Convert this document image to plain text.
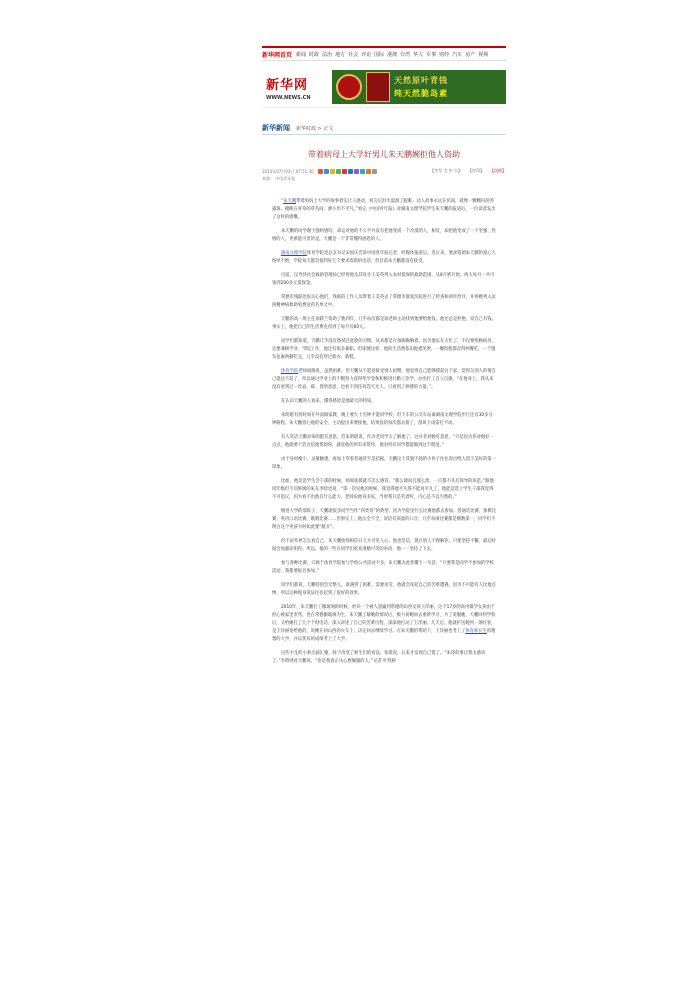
新华网首页 新闻 时政 法治 地方 社会 评论 国际 港澳 台湾 华人 军事 财经 汽车 房产 视频
新华网
WWW.NEWS.CN
天然原叶青钱
纯天然脆岛素
新华新闻 新华时政 > 正文
带着病母上大学好男儿朱天鹏婉拒他人资助
2013年07月03日 07:51:30
来源： 中国青年报
【字号 大 中 小】 【打印】 【纠错】

“朱天鹏带着妈妈上大学的故事着实让人感动。看完后泪水湿润了眼眶。动人故事永远在民间，就像一颗颗闪亮的露珠，掩映在青草的草丛间，渺小但不平凡。”看完《中国青年报》对湖南文理学院学生朱天鹏的报道后，一位读者发出了这样的感慨。

朱天鹏的同学谢士强则感叹，命运对他的不公平并没有把他变成一个冷漠的人，相反，却把他变成了一个坚强、热情的人，更难能可贵的是，天鹏是一个非常懂得感恩的人。

湖南文理学院体育学院党总支书记宋国庆告诉中国青年报记者，经媒体报道后，连日来，要求资助朱天鹏的爱心人络绎不绝，学院每天都会接到好几个要求资助的电话，但目前朱天鹏都没有接受。

目前，汉寿县社会救助管理局已经将他及其母亲王美英列入农村低保的救助范围，从6月底开始，两人每月一共可领到200多元低保金。

常德市残联也很关心他们，残联的工作人员带着王美英去了常德市康复医院进行了检查和初步治疗，并将她列入贫困精神病救助免费送药名单之中。

天鹏的高一班主任徐跃兰资助了他四年，几乎每次都是徐老师主动找到他要给他钱，他还总是拒绝，说自己有钱。事实上，他把自己的生活费克扣到了每月仅60元。

同学们都知道，天鹏几乎没有擦拭过洗脸的习惯，从来都是在备胸胸胸着。因为他实在太忙了，不仅要照顾病母，还要兼顾学业、学院工作，他还有很多兼职。但即便这样，他的生活费依旧捉襟见肘，一餐饭他都舍得两餐吃，一个馒头包素两顿吃完，几乎没有穿过新衣、新鞋。

体育学院老师胡源说，虽然困难，但天鹏从不愿意接受别人捐赠，他觉得自己能够撑起这个家。觉得欠别人的情自己就还不起了，所以通过学业上的不断努力获得奖学金和积极进行勤工俭学，办出打工自立自强。“在他身上，我从来没有看到过一丝哀、霉、畏的意思，也看不到任何怨天尤人，只看到了拼搏的力量。”。

在认识天鹏的人看来，懂得感恩是他最大的特质。

朱明堪有投时间在外面做家教，晚上要九十点钟才能回学校，但下车的公交车站离湖南文理学院步行还有30多分钟路程。朱天鹏担心他的安全，主动提出来要接他，结果真的每次都去接了，刮风下雨雷打不动。

有人笑话天鹏对朱明堪有意思，但朱明堪说，作为老同学太了解他了，这并非对她有意思，“只是因为你对他好一点点，他就要十倍百倍地帮助你，就连他的所有来帮你，他对所有同学都能做到这个程度。”

由于身材瘦小、灵敏触感，再加上穿着普通甚至是拮据，天鹏这个其貌不扬的小伙子往往说出给人留下美好的第一印象。

比如，他竞选学生会干部的时候，师领张援就不怎么感冒，“那么矮而且那么黑，一点都不具有领导的风范。”跟他同年级但不同班级的朱友李晗也说，“第一次见他的时候，我觉得他平凡得不能再平凡了，他能竞选上学生干部我觉得不可思议，因为看不出他有什么能力。老师说他身多好，当时我只是笑着听，内心是不以为然的。”

倒进大学的那阵子，天鹏就很多同学当作“四类哥”的典型，因为学院里什么比赛他都去参加。普通话比赛、象棋比赛、英语口语比赛、歌唱比赛……但事实上，他压全不全、说话有质量的口音、几乎每项比赛都是倒数第一，同学们不明白这个男孩为何如此要“献丑”。

但不论外界怎么看自己，朱天鹏始终相信日久方可见人心。他也坚信，现在别人不理解你，只要坚持不懈，最后时间会加强证明你。所以，他的一些在同学们看来滑稽可笑的举动，他一一坚持了下去。

参与各种比赛，只源于体育学院参与学校公共活动不多，朱天鹏为此曾懂下一句话，“只要我是同学不参加的学校活动，我都要报名参加。”

同学们都说，天鹏特别会宏整人，谁遇到了困难，需要功劳，他就会说起自己的苦难遭遇，因为不可能有人比他还惨，所以这种现身说法往往起到了很好的效果。

2010年，朱天鹏打工搬玻璃的时候，经识一个被人遗骗到常德的山西女孩王洋丽，这个17岁的高中辍学女孩由于担心被家里责骂，也在常德搬玻璃为生。朱天鹏了解她的情况后，极力劝她回去重新学习，为了说服她，天鹏回到学校后，又给她打了几个个时电话，深入讲述了自己的苦难历程，深深地打动了王洋丽。几天后，他就护送她到一条旺客，是王洋丽宽给他的，说她在回山西的火车上，决定回去继续学习。在朱天鹏的帮助下，王洋丽也考上了体育师长生的理想的大学，并以优异的成绩考上了大学。

这些平凡的小事点滴汇聚，终于改变了师生们的看法，张援说，后来才发现自己错了。“朱哥的事让我太感动了。”李晗则对天鹏说，“你是我真正从心底佩服的人。”记者 叶铁桥
